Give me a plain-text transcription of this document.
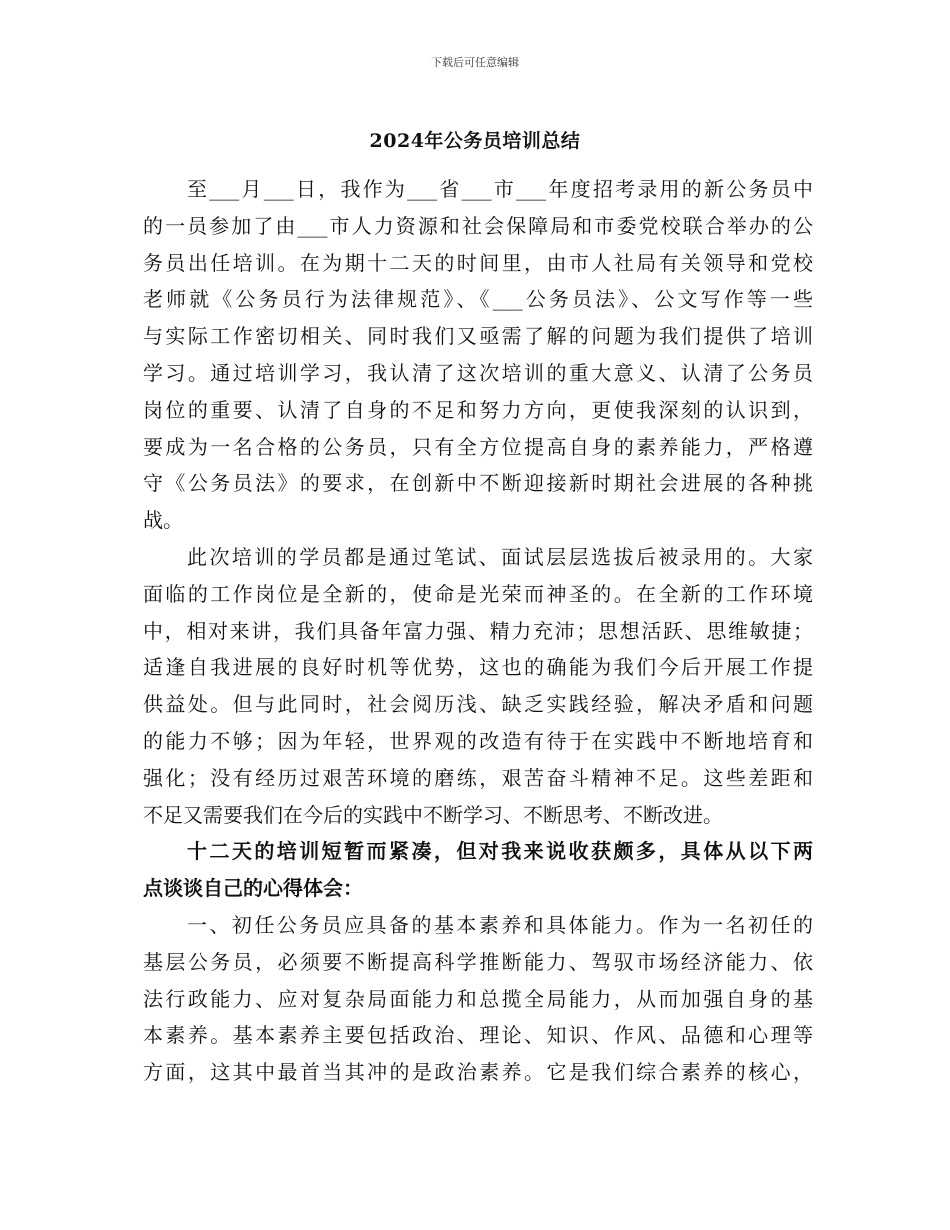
下载后可任意编辑
2024年公务员培训总结
至___月___日，我作为___省___市___年度招考录用的新公务员中
的一员参加了由___市人力资源和社会保障局和市委党校联合举办的公
务员出任培训。在为期十二天的时间里，由市人社局有关领导和党校
老师就《公务员行为法律规范》、《___公务员法》、公文写作等一些
与实际工作密切相关、同时我们又亟需了解的问题为我们提供了培训
学习。通过培训学习，我认清了这次培训的重大意义、认清了公务员
岗位的重要、认清了自身的不足和努力方向，更使我深刻的认识到，
要成为一名合格的公务员，只有全方位提高自身的素养能力，严格遵
守《公务员法》的要求，在创新中不断迎接新时期社会进展的各种挑
战。
此次培训的学员都是通过笔试、面试层层选拔后被录用的。大家
面临的工作岗位是全新的，使命是光荣而神圣的。在全新的工作环境
中，相对来讲，我们具备年富力强、精力充沛；思想活跃、思维敏捷；
适逢自我进展的良好时机等优势，这也的确能为我们今后开展工作提
供益处。但与此同时，社会阅历浅、缺乏实践经验，解决矛盾和问题
的能力不够；因为年轻，世界观的改造有待于在实践中不断地培育和
强化；没有经历过艰苦环境的磨练，艰苦奋斗精神不足。这些差距和
不足又需要我们在今后的实践中不断学习、不断思考、不断改进。
十二天的培训短暂而紧凑，但对我来说收获颇多，具体从以下两
点谈谈自己的心得体会：
一、初任公务员应具备的基本素养和具体能力。作为一名初任的
基层公务员，必须要不断提高科学推断能力、驾驭市场经济能力、依
法行政能力、应对复杂局面能力和总揽全局能力，从而加强自身的基
本素养。基本素养主要包括政治、理论、知识、作风、品德和心理等
方面，这其中最首当其冲的是政治素养。它是我们综合素养的核心，
